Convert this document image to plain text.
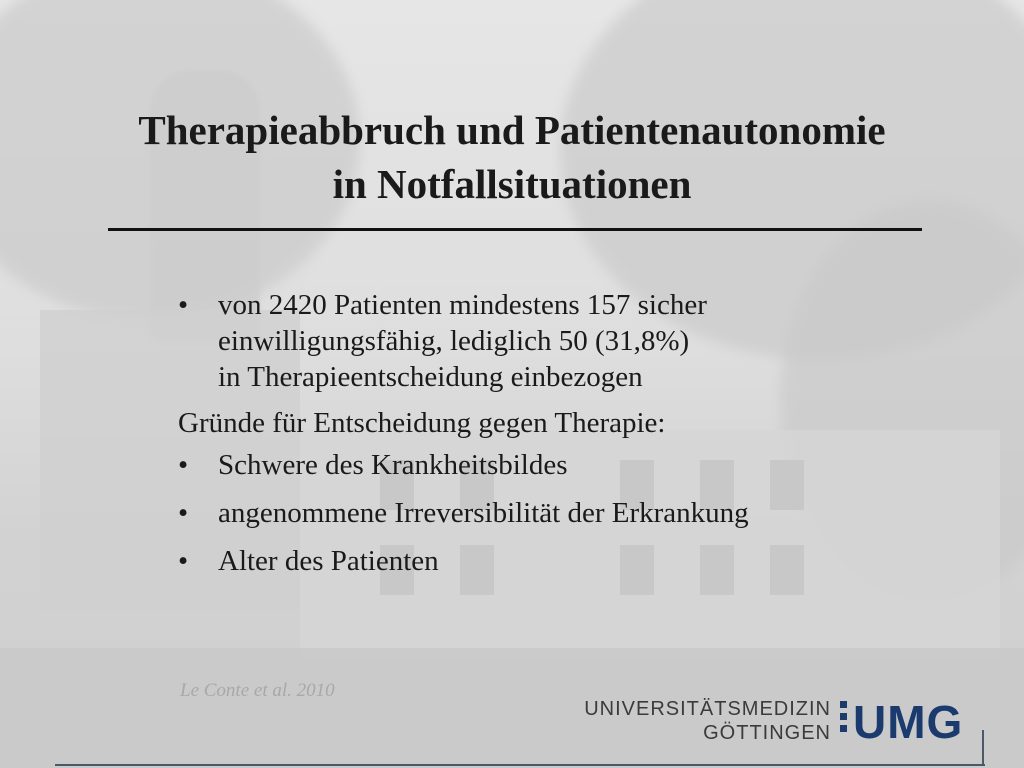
Therapieabbruch und Patientenautonomie
in Notfallsituationen
• von 2420 Patienten mindestens 157 sicher
einwilligungsfähig, lediglich 50 (31,8%)
in Therapieentscheidung einbezogen
Gründe für Entscheidung gegen Therapie:
• Schwere des Krankheitsbildes
• angenommene Irreversibilität der Erkrankung
• Alter des Patienten
Le Conte et al. 2010
UNIVERSITÄTSMEDIZIN
GÖTTINGEN UMG
